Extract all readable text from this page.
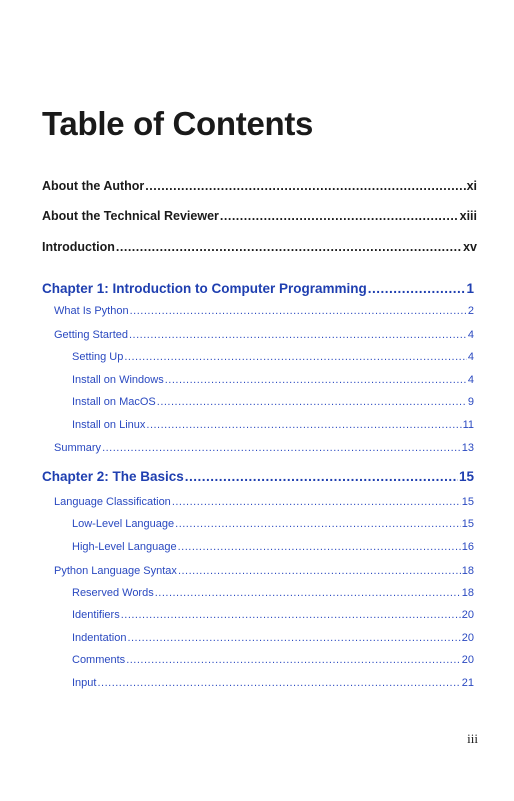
Table of Contents
About the Author .....	xi
About the Technical Reviewer .....	xiii
Introduction .....	xv
Chapter 1: Introduction to Computer Programming .....	1
What Is Python .....	2
Getting Started .....	4
Setting Up .....	4
Install on Windows .....	4
Install on MacOS .....	9
Install on Linux .....	11
Summary .....	13
Chapter 2: The Basics .....	15
Language Classification .....	15
Low-Level Language .....	15
High-Level Language .....	16
Python Language Syntax .....	18
Reserved Words .....	18
Identifiers .....	20
Indentation .....	20
Comments .....	20
Input .....	21
iii
